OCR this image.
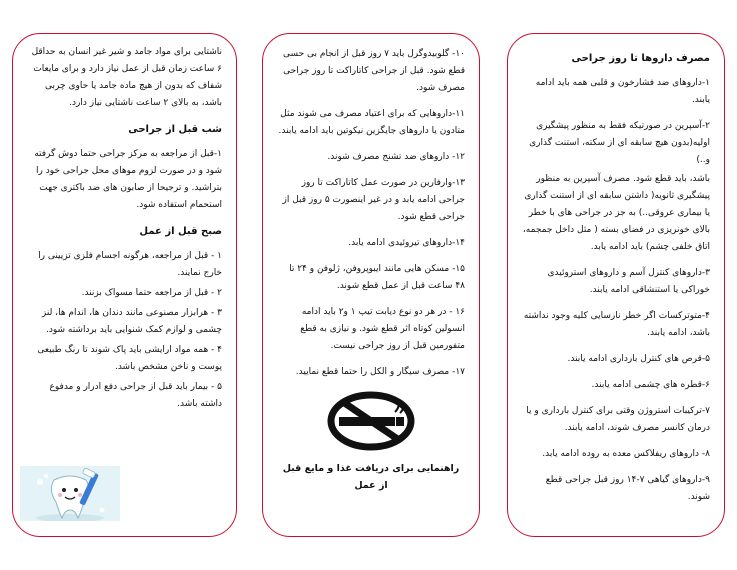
مصرف داروها تا روز جراحی

۱-داروهای ضد فشارخون و قلبی همه باید ادامه یابند.

۲-آسپرین در صورتیکه فقط به منظور پیشگیری اولیه(بدون هیچ سابقه ای از سکته، استنت گذاری و..)

باشد، باید قطع شود. مصرف آسپرین به منظور پیشگیری ثانویه( داشتن سابقه ای از استنت گذاری یا بیماری عروقی..) به جز در جراحی های با خطر بالای خونریزی در فضای بسته ( مثل داخل جمجمه، اتاق خلفی چشم) باید ادامه یابد.

۳-داروهای کنترل آسم و داروهای استروئیدی خوراکی یا استنشاقی ادامه یابند.

۴-متوترکسات اگر خطر نارسایی کلیه وجود نداشته باشد، ادامه یابند.

۵-قرص های کنترل بارداری ادامه یابند.

۶-قطره های چشمی ادامه یابند.

۷-ترکیبات استروژن وقتی برای کنترل بارداری و یا درمان کانسر مصرف شوند، ادامه یابند.

۸- داروهای ریفلاکس معده به روده ادامه یابد.

۹-داروهای گیاهی ۷-۱۴ روز قبل جراحی قطع شوند.

۱۰- گلوبیدوگرل باید ۷ روز قبل از انجام بی حسی قطع شود. قبل از جراحی کاتاراکت تا روز جراحی مصرف شود.

۱۱-داروهایی که برای اعتیاد مصرف می شوند مثل متادون یا داروهای جایگزین نیکوتین باید ادامه یابند.

۱۲- داروهای ضد تشنج مصرف شوند.

۱۳-وارفارین در صورت عمل کاتاراکت تا روز جراحی ادامه یابد و در غیر اینصورت ۵ روز قبل از جراحی قطع شود.

۱۴-داروهای تیروئیدی ادامه یابد.

۱۵- مسکن هایی مانند ایبوپروفن، ژلوفن و ۲۴ تا ۴۸ ساعت قبل از عمل قطع شوند.

۱۶ - در هر دو نوع دیابت تیپ ۱ و۲ باید ادامه انسولین کوتاه اثر قطع شود. و نیازی به قطع متفورمین قبل از روز جراحی نیست.

۱۷- مصرف سیگار و الکل را حتما قطع نمایید.

راهنمایی برای دریافت غذا و مایع قبل از عمل

ناشتایی برای مواد جامد و شیر غیر انسان به حداقل ۶ ساعت زمان قبل از عمل نیاز دارد و برای مایعات شفاف که بدون از هیچ ماده جامد یا حاوی چربی باشد، به بالای ۲ ساعت ناشتایی نیاز دارد.

شب قبل از جراحی

۱-قبل از مراجعه به مرکز جراحی حتما دوش گرفته شود و در صورت لزوم موهای محل جراحی خود را بتراشید. و ترجیحا از صابون های ضد باکتری جهت استحمام استفاده شود.

صبح قبل از عمل
۱ - قبل از مراجعه، هرگونه اجسام فلزی تزیینی را خارج نمایند.
۲ - قبل از مراجعه حتما مسواک بزنند.
۳ - هرابزار مصنوعی مانند دندان ها، اندام ها، لنز چشمی و لوازم کمک شنوایی باید برداشته شود.
۴ - همه مواد ارایشی باید پاک شوند تا رنگ طبیعی پوست و ناخن مشخص باشد.
۵ - بیمار باید قبل از جراحی دفع ادرار و مدفوع داشته باشد.
